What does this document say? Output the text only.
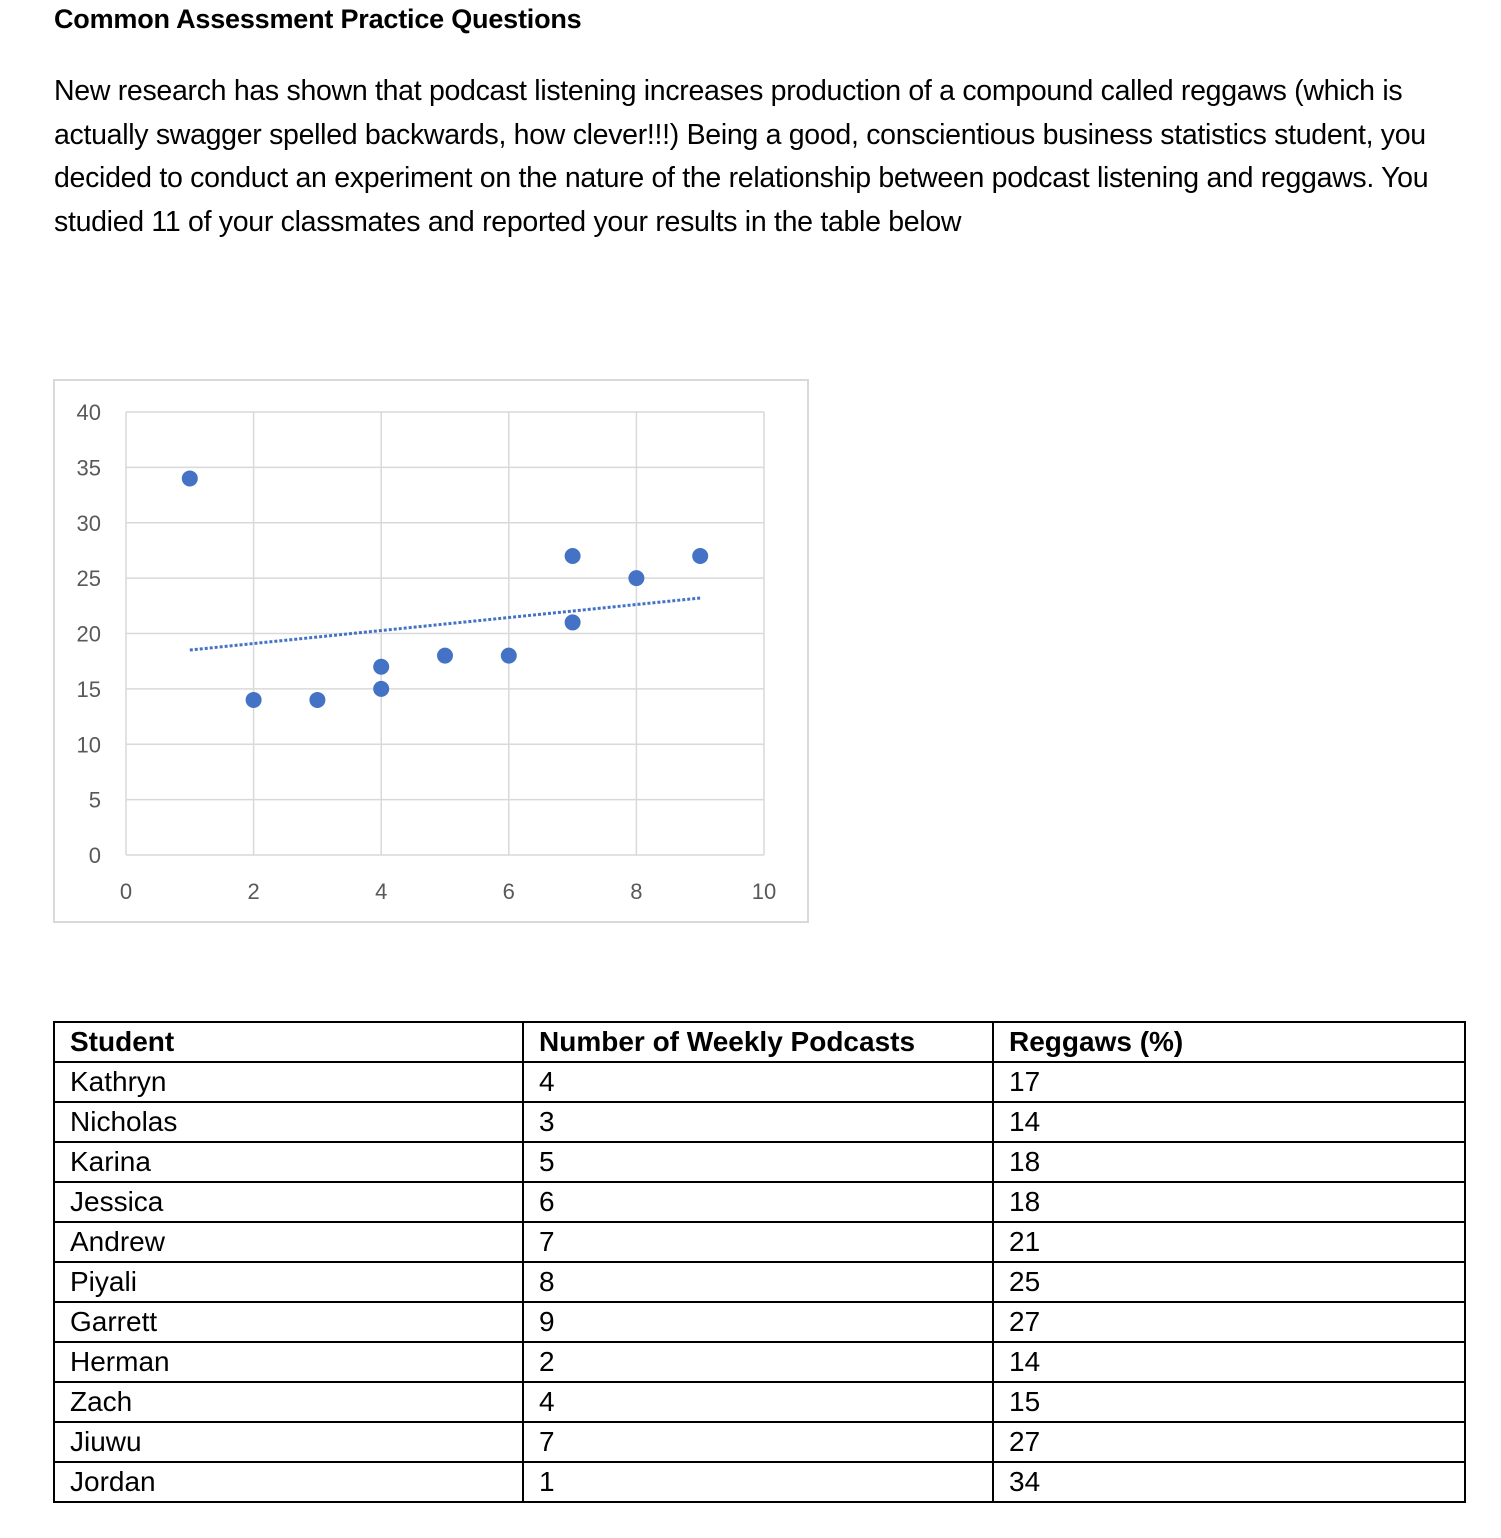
Common Assessment Practice Questions

New research has shown that podcast listening increases production of a compound called reggaws (which is actually swagger spelled backwards, how clever!!!) Being a good, conscientious business statistics student, you decided to conduct an experiment on the nature of the relationship between podcast listening and reggaws. You studied 11 of your classmates and reported your results in the table below

0
5
10
15
20
25
30
35
40
0	2	4	6	8	10
Student	Number of Weekly Podcasts	Reggaws (%)
Kathryn	4	17
Nicholas	3	14
Karina	5	18
Jessica	6	18
Andrew	7	21
Piyali	8	25
Garrett	9	27
Herman	2	14
Zach	4	15
Jiuwu	7	27
Jordan	1	34
